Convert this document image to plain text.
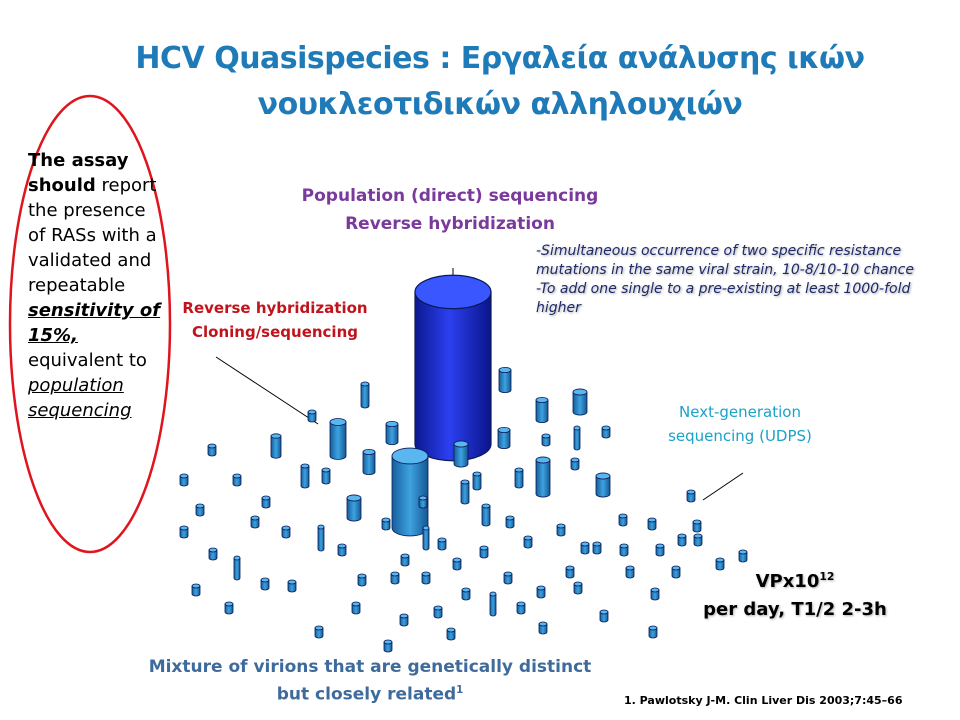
HCV Quasispecies : Εργαλεία ανάλυσης ικών
νουκλεοτιδικών αλληλουχιών
The assay should report the presence of RASs with a validated and repeatable sensitivity of 15%, equivalent to population sequencing
Population (direct) sequencing
Reverse hybridization
Reverse hybridization
Cloning/sequencing
-Simultaneous occurrence of two specific resistance mutations in the same viral strain, 10-8/10-10 chance
-To add one single to a pre-existing at least 1000-fold higher
Next-generation
sequencing (UDPS)
$VPx10^{12}$
per day, T1/2 2-3h
Mixture of virions that are genetically distinct
but closely related$^1$
1. Pawlotsky J-M. Clin Liver Dis 2003;7:45–66
